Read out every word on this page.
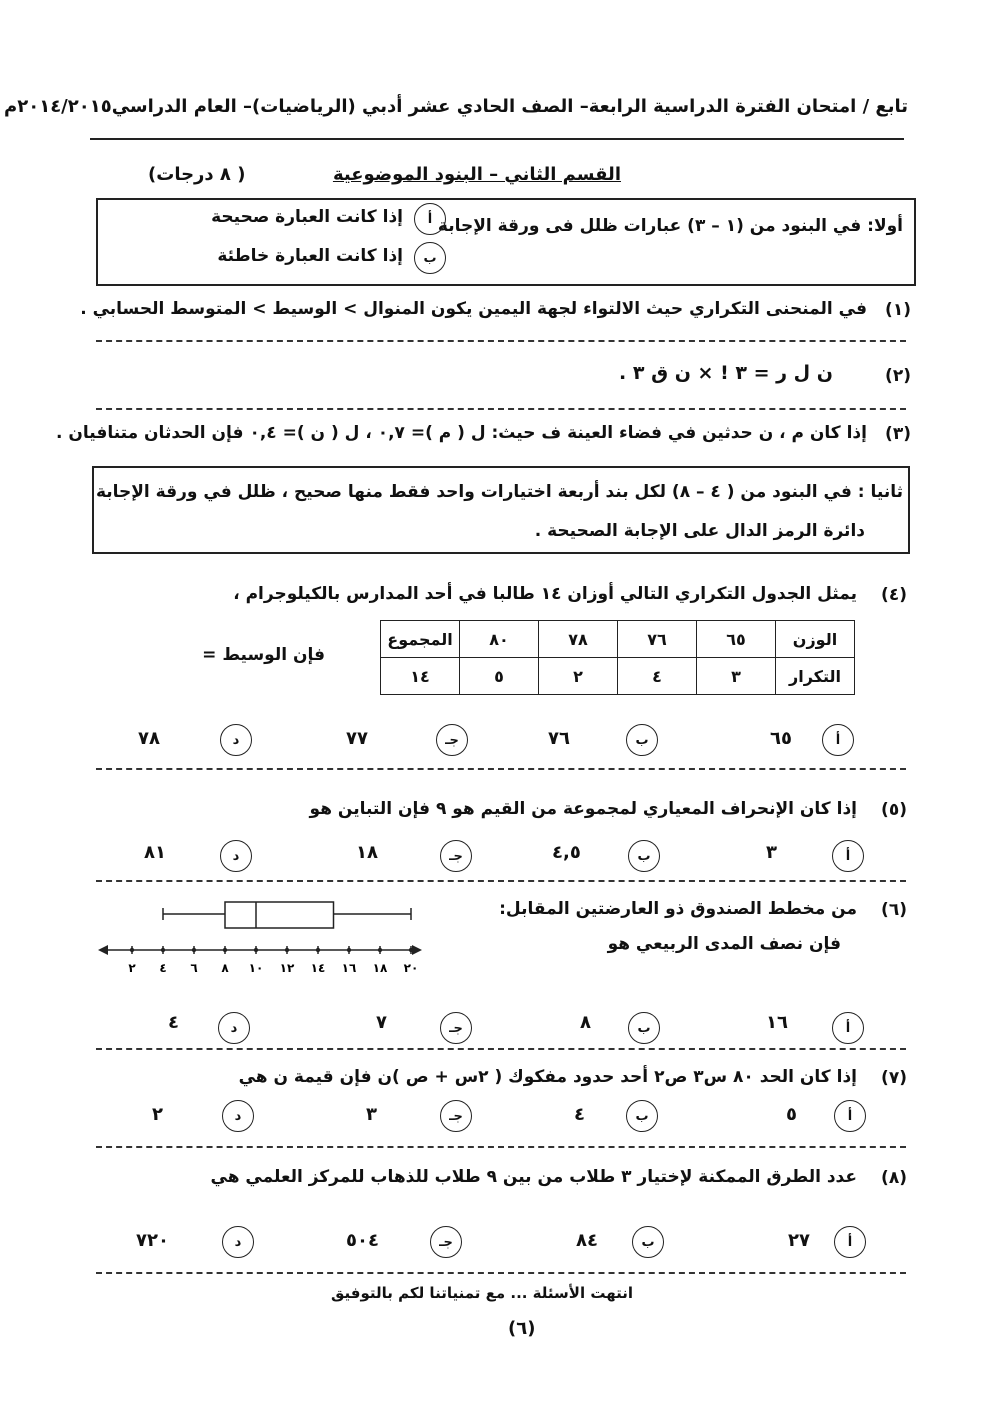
تابع / امتحان الفترة الدراسية الرابعة– الصف الحادي عشر أدبي (الرياضيات)– العام الدراسي٢٠١٤/٢٠١٥م
القسم الثاني – البنود الموضوعية
( ٨ درجات)
أولا: في البنود من (١ – ٣) عبارات ظلل فى ورقة الإجابة
أ
إذا كانت العبارة صحيحة
ب
إذا كانت العبارة خاطئة
(١)
في المنحنى التكراري حيث الالتواء لجهة اليمين يكون المنوال > الوسيط > المتوسط الحسابي .
(٢)
ن ل ر = ٣ ! × ن ق ٣ .
(٣)
إذا كان م ، ن حدثين في فضاء العينة ف حيث: ل ( م )= ٠,٧ ، ل ( ن )= ٠,٤ فإن الحدثان متنافيان .
ثانيا : في البنود من ( ٤ – ٨) لكل بند أربعة اختيارات واحد فقط منها صحيح ، ظلل في ورقة الإجابة
دائرة الرمز الدال على الإجابة الصحيحة .
(٤)
يمثل الجدول التكراري التالي أوزان ١٤ طالبا في أحد المدارس بالكيلوجرام ،
الوزن	٦٥	٧٦	٧٨	٨٠	المجموع
التكرار	٣	٤	٢	٥	١٤
فإن الوسيط =
أ
٦٥
ب
٧٦
جـ
٧٧
د
٧٨
(٥)
إذا كان الإنحراف المعياري لمجموعة من القيم هو ٩ فإن التباين هو
أ
٣
ب
٤,٥
جـ
١٨
د
٨١
(٦)
من مخطط الصندوق ذو العارضتين المقابل:
فإن نصف المدى الربيعي هو
٢ ٤ ٦ ٨ ١٠ ١٢ ١٤ ١٦ ١٨ ٢٠
أ
١٦
ب
٨
جـ
٧
د
٤
(٧)
إذا كان الحد ٨٠ س٣ ص٢ أحد حدود مفكوك ( ٢س + ص )ن فإن قيمة ن هي
أ
٥
ب
٤
جـ
٣
د
٢
(٨)
عدد الطرق الممكنة لإختيار ٣ طلاب من بين ٩ طلاب للذهاب للمركز العلمي هي
أ
٢٧
ب
٨٤
جـ
٥٠٤
د
٧٢٠
انتهت الأسئلة ... مع تمنياتنا لكم بالتوفيق
(٦)
